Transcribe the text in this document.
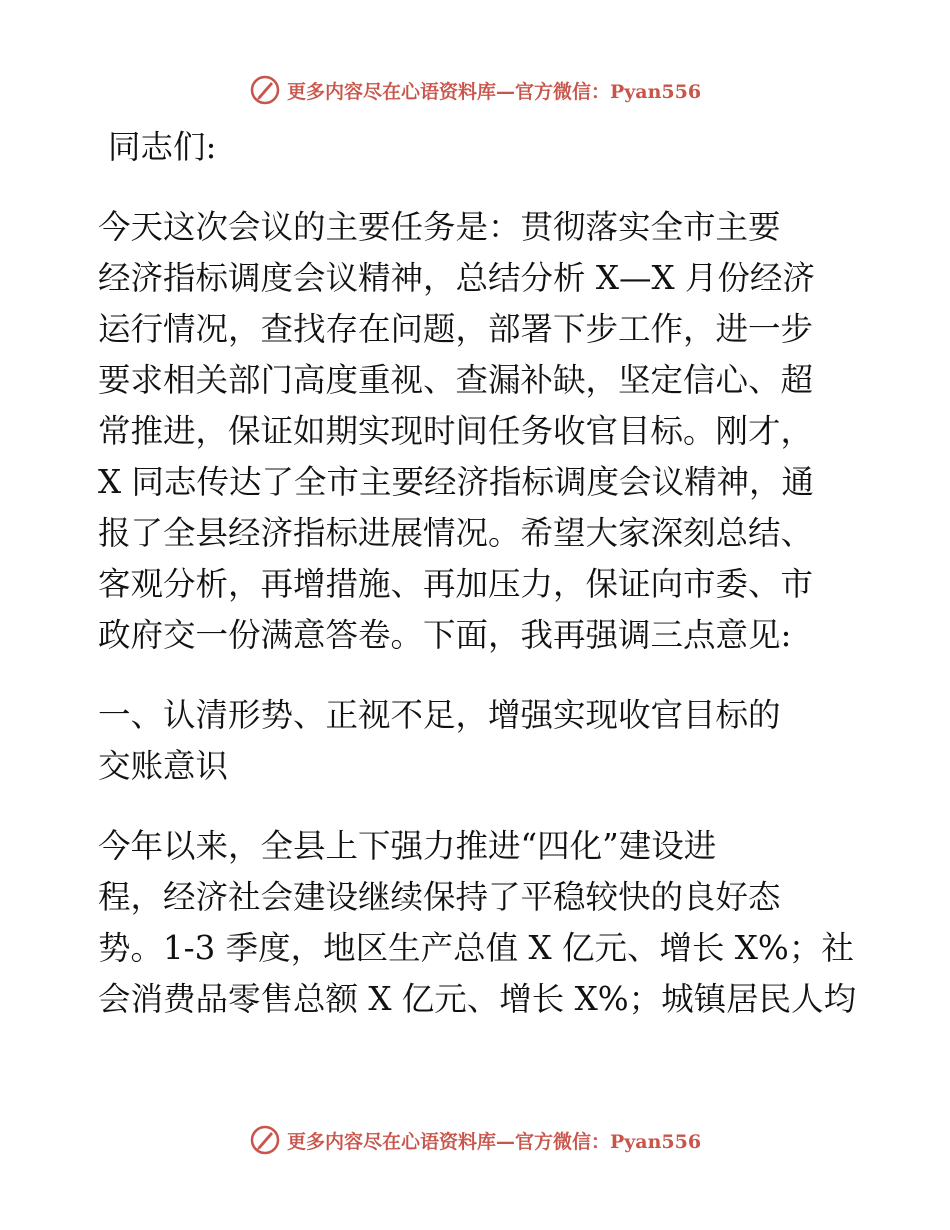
更多内容尽在心语资料库—官方微信：Pyan556
同志们:
今天这次会议的主要任务是：贯彻落实全市主要
经济指标调度会议精神，总结分析 X—X 月份经济
运行情况，查找存在问题，部署下步工作，进一步
要求相关部门高度重视、查漏补缺，坚定信心、超
常推进，保证如期实现时间任务收官目标。刚才，
X 同志传达了全市主要经济指标调度会议精神，通
报了全县经济指标进展情况。希望大家深刻总结、
客观分析，再增措施、再加压力，保证向市委、市
政府交一份满意答卷。下面，我再强调三点意见:
一、认清形势、正视不足，增强实现收官目标的
交账意识
今年以来，全县上下强力推进“四化”建设进
程，经济社会建设继续保持了平稳较快的良好态
势。1-3 季度，地区生产总值 X 亿元、增长 X%；社
会消费品零售总额 X 亿元、增长 X%；城镇居民人均
更多内容尽在心语资料库—官方微信：Pyan556
